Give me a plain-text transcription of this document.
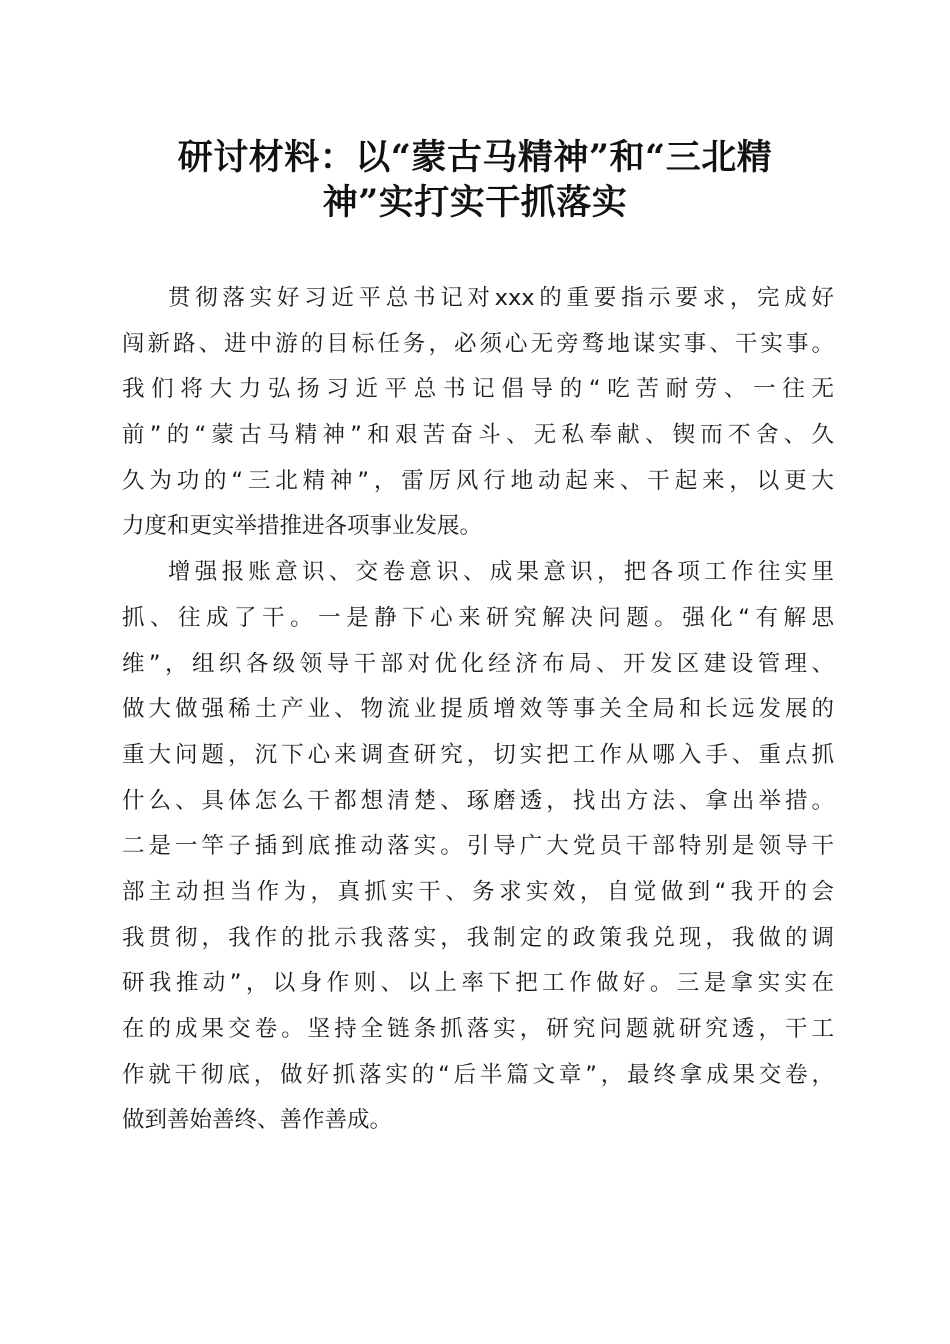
研讨材料：以“蒙古马精神”和“三北精
神”实打实干抓落实
贯彻落实好习近平总书记对xxx的重要指示要求，完成好
闯新路、进中游的目标任务，必须心无旁骛地谋实事、干实事。
我们将大力弘扬习近平总书记倡导的“吃苦耐劳、一往无
前”的“蒙古马精神”和艰苦奋斗、无私奉献、锲而不舍、久
久为功的“三北精神”，雷厉风行地动起来、干起来，以更大
力度和更实举措推进各项事业发展。
增强报账意识、交卷意识、成果意识，把各项工作往实里
抓、往成了干。一是静下心来研究解决问题。强化“有解思
维”，组织各级领导干部对优化经济布局、开发区建设管理、
做大做强稀土产业、物流业提质增效等事关全局和长远发展的
重大问题，沉下心来调查研究，切实把工作从哪入手、重点抓
什么、具体怎么干都想清楚、琢磨透，找出方法、拿出举措。
二是一竿子插到底推动落实。引导广大党员干部特别是领导干
部主动担当作为，真抓实干、务求实效，自觉做到“我开的会
我贯彻，我作的批示我落实，我制定的政策我兑现，我做的调
研我推动”，以身作则、以上率下把工作做好。三是拿实实在
在的成果交卷。坚持全链条抓落实，研究问题就研究透，干工
作就干彻底，做好抓落实的“后半篇文章”，最终拿成果交卷，
做到善始善终、善作善成。
